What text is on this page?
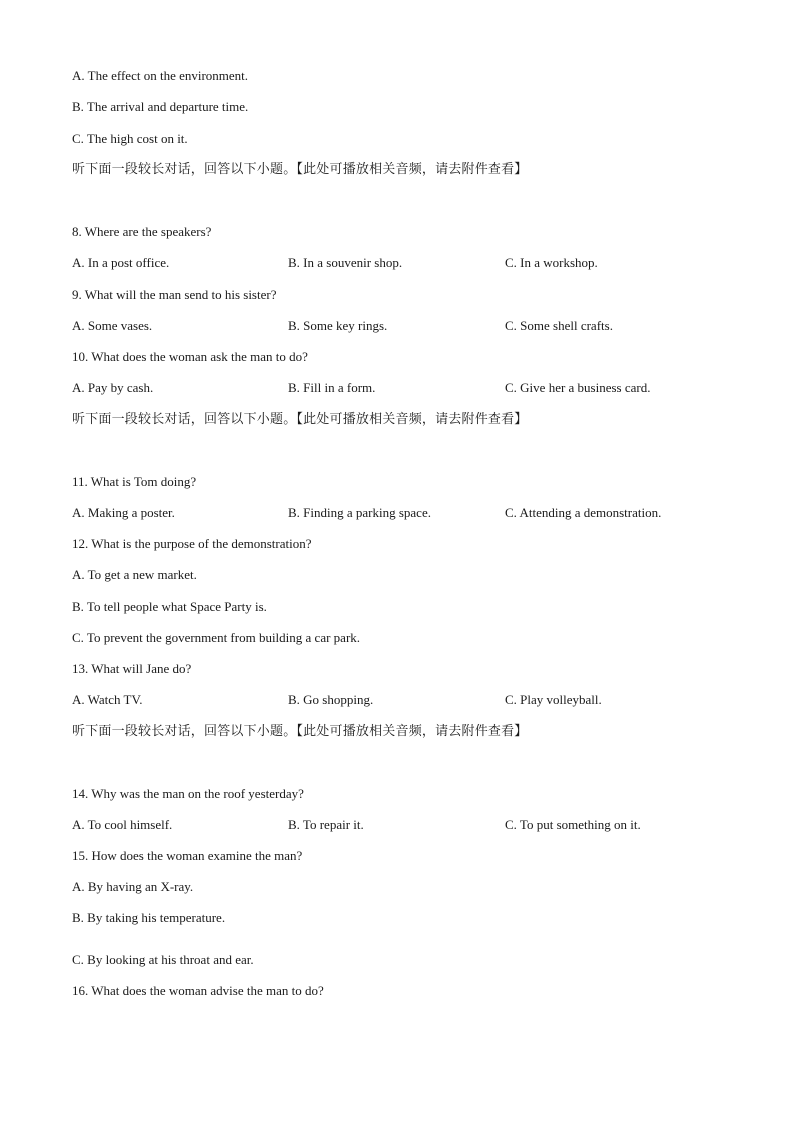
A. The effect on the environment.
B. The arrival and departure time.
C. The high cost on it.
听下面一段较长对话，回答以下小题。【此处可播放相关音频，请去附件查看】
8. Where are the speakers?
A. In a post office.	B. In a souvenir shop.	C. In a workshop.
9. What will the man send to his sister?
A. Some vases.	B. Some key rings.	C. Some shell crafts.
10. What does the woman ask the man to do?
A. Pay by cash.	B. Fill in a form.	C. Give her a business card.
听下面一段较长对话，回答以下小题。【此处可播放相关音频，请去附件查看】
11. What is Tom doing?
A. Making a poster.	B. Finding a parking space.	C. Attending a demonstration.
12. What is the purpose of the demonstration?
A. To get a new market.
B. To tell people what Space Party is.
C. To prevent the government from building a car park.
13. What will Jane do?
A. Watch TV.	B. Go shopping.	C. Play volleyball.
听下面一段较长对话，回答以下小题。【此处可播放相关音频，请去附件查看】
14. Why was the man on the roof yesterday?
A. To cool himself.	B. To repair it.	C. To put something on it.
15. How does the woman examine the man?
A. By having an X-ray.
B. By taking his temperature.
C. By looking at his throat and ear.
16. What does the woman advise the man to do?
